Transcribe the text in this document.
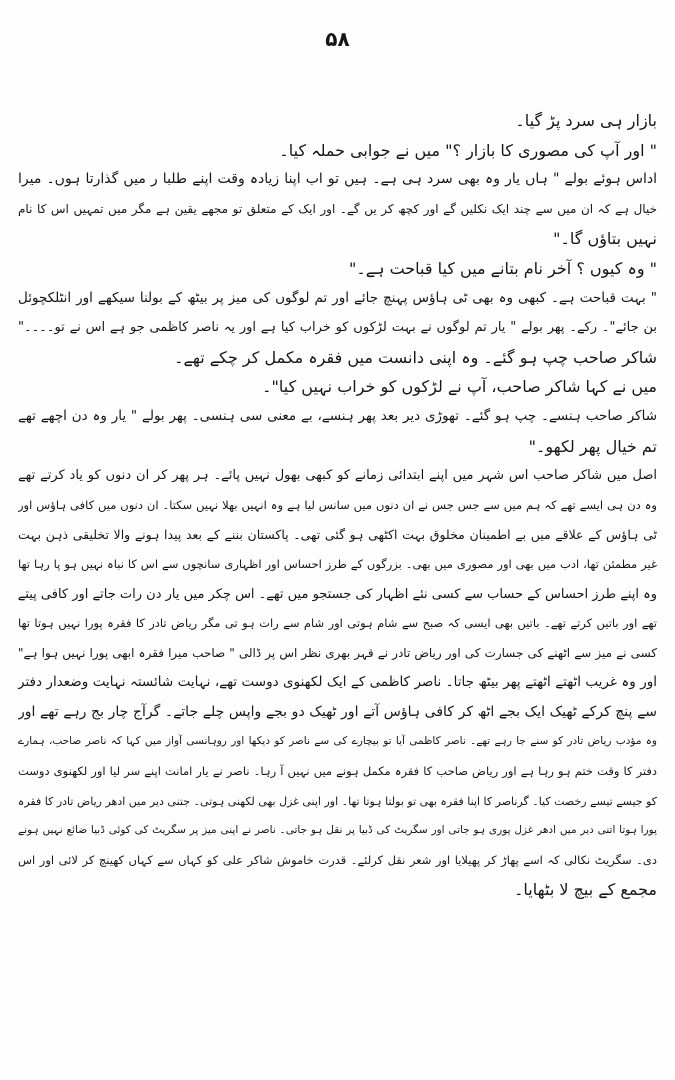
۵۸
بازار ہی سرد پڑ گیا۔
" اور آپ کی مصوری کا بازار ؟" میں نے جوابی حملہ کیا۔
اداس ہوئے بولے " ہاں یار وہ بھی سرد ہی ہے۔ ہیں تو اب اپنا زیادہ وقت اپنے طلبا ر میں گذارتا ہوں۔ میرا
خیال ہے کہ ان میں سے چند ایک نکلیں گے اور کچھ کر یں گے۔ اور ایک کے متعلق تو مجھے یقین ہے مگر میں تمہیں اس کا نام
نہیں بتاؤں گا۔"
" وہ کیوں ؟ آخر نام بتانے میں کیا قباحت ہے۔"
" بہت قباحت ہے۔ کبھی وہ بھی ٹی ہاؤس پہنچ جائے اور تم لوگوں کی میز پر بیٹھ کے بولنا سیکھے اور انٹلکچوئل
بن جائے"۔ رکے۔ پھر بولے " یار تم لوگوں نے بہت لڑکوں کو خراب کیا ہے اور یہ ناصر کاظمی جو ہے اس نے تو۔۔۔۔"
شاکر صاحب چپ ہو گئے۔ وہ اپنی دانست میں فقرہ مکمل کر چکے تھے۔
میں نے کہا شاکر صاحب، آپ نے لڑکوں کو خراب نہیں کیا"۔
شاکر صاحب ہنسے۔ چپ ہو گئے۔ تھوڑی دیر بعد پھر ہنسے، بے معنی سی ہنسی۔ پھر بولے " یار وہ دن اچھے تھے
تم خیال پھر لکھو۔"
اصل میں شاکر صاحب اس شہر میں اپنے ابتدائی زمانے کو کبھی بھول نہیں پائے۔ ہر پھر کر ان دنوں کو یاد کرتے تھے
وہ دن ہی ایسے تھے کہ ہم میں سے جس جس نے ان دنوں میں سانس لیا ہے وہ انہیں بھلا نہیں سکتا۔ ان دنوں میں کافی ہاؤس اور
ٹی ہاؤس کے علاقے میں بے اطمینان مخلوق بہت اکٹھی ہو گئی تھی۔ پاکستان بننے کے بعد پیدا ہونے والا تخلیقی ذہن بہت
غیر مطمئن تھا، ادب میں بھی اور مصوری میں بھی۔ بزرگوں کے طرز احساس اور اظہاری سانچوں سے اس کا نباہ نہیں ہو پا رہا تھا
وہ اپنے طرز احساس کے حساب سے کسی نئے اظہار کی جستجو میں تھے۔ اس چکر میں یار دن رات جاتے اور کافی پیتے
تھے اور باتیں کرتے تھے۔ باتیں بھی ایسی کہ صبح سے شام ہوتی اور شام سے رات ہو تی مگر ریاض تادر کا فقرہ پورا نہیں ہوتا تھا
کسی نے میز سے اٹھنے کی جسارت کی اور ریاض تادر نے قہر بھری نظر اس پر ڈالی " صاحب میرا فقرہ ابھی پورا نہیں ہوا ہے"
اور وہ غریب اٹھتے اٹھتے پھر بیٹھ جاتا۔ ناصر کاظمی کے ایک لکھنوی دوست تھے، نہایت شائستہ نہایت وضعدار دفتر
سے پنچ کرکے ٹھیک ایک بجے اٹھ کر کافی ہاؤس آتے اور ٹھیک دو بجے واپس چلے جاتے۔ گرآج چار بج رہے تھے اور
وہ مؤدب ریاض تادر کو سنے جا رہے تھے۔ ناصر کاظمی آیا تو بیچارے کی سے ناصر کو دیکھا اور روہانسی آواز میں کہا کہ ناصر صاحب، ہمارے
دفتر کا وقت ختم ہو رہا ہے اور ریاض صاحب کا فقرہ مکمل ہونے میں نہیں آ رہا۔ ناصر نے یار امانت اپنے سر لیا اور لکھنوی دوست
کو جیسے تیسے رخصت کیا۔ گرناصر کا اپنا فقرہ بھی تو بولتا ہوتا تھا۔ اور اپنی غزل بھی لکھنی ہوتی۔ جتنی دیر میں ادھر ریاض تادر کا فقرہ
پورا ہوتا اتنی دیر میں ادھر غزل پوری ہو جاتی اور سگریٹ کی ڈبیا پر نقل ہو جاتی۔ ناصر نے اپنی میز پر سگریٹ کی کوئی ڈبیا ضائع نہیں ہونے
دی۔ سگریٹ نکالی کہ اسے پھاڑ کر پھیلایا اور شعر نقل کرلئے۔ قدرت خاموش شاکر علی کو کہاں سے کہاں کھینچ کر لائی اور اس
مجمع کے بیچ لا بٹھایا۔
